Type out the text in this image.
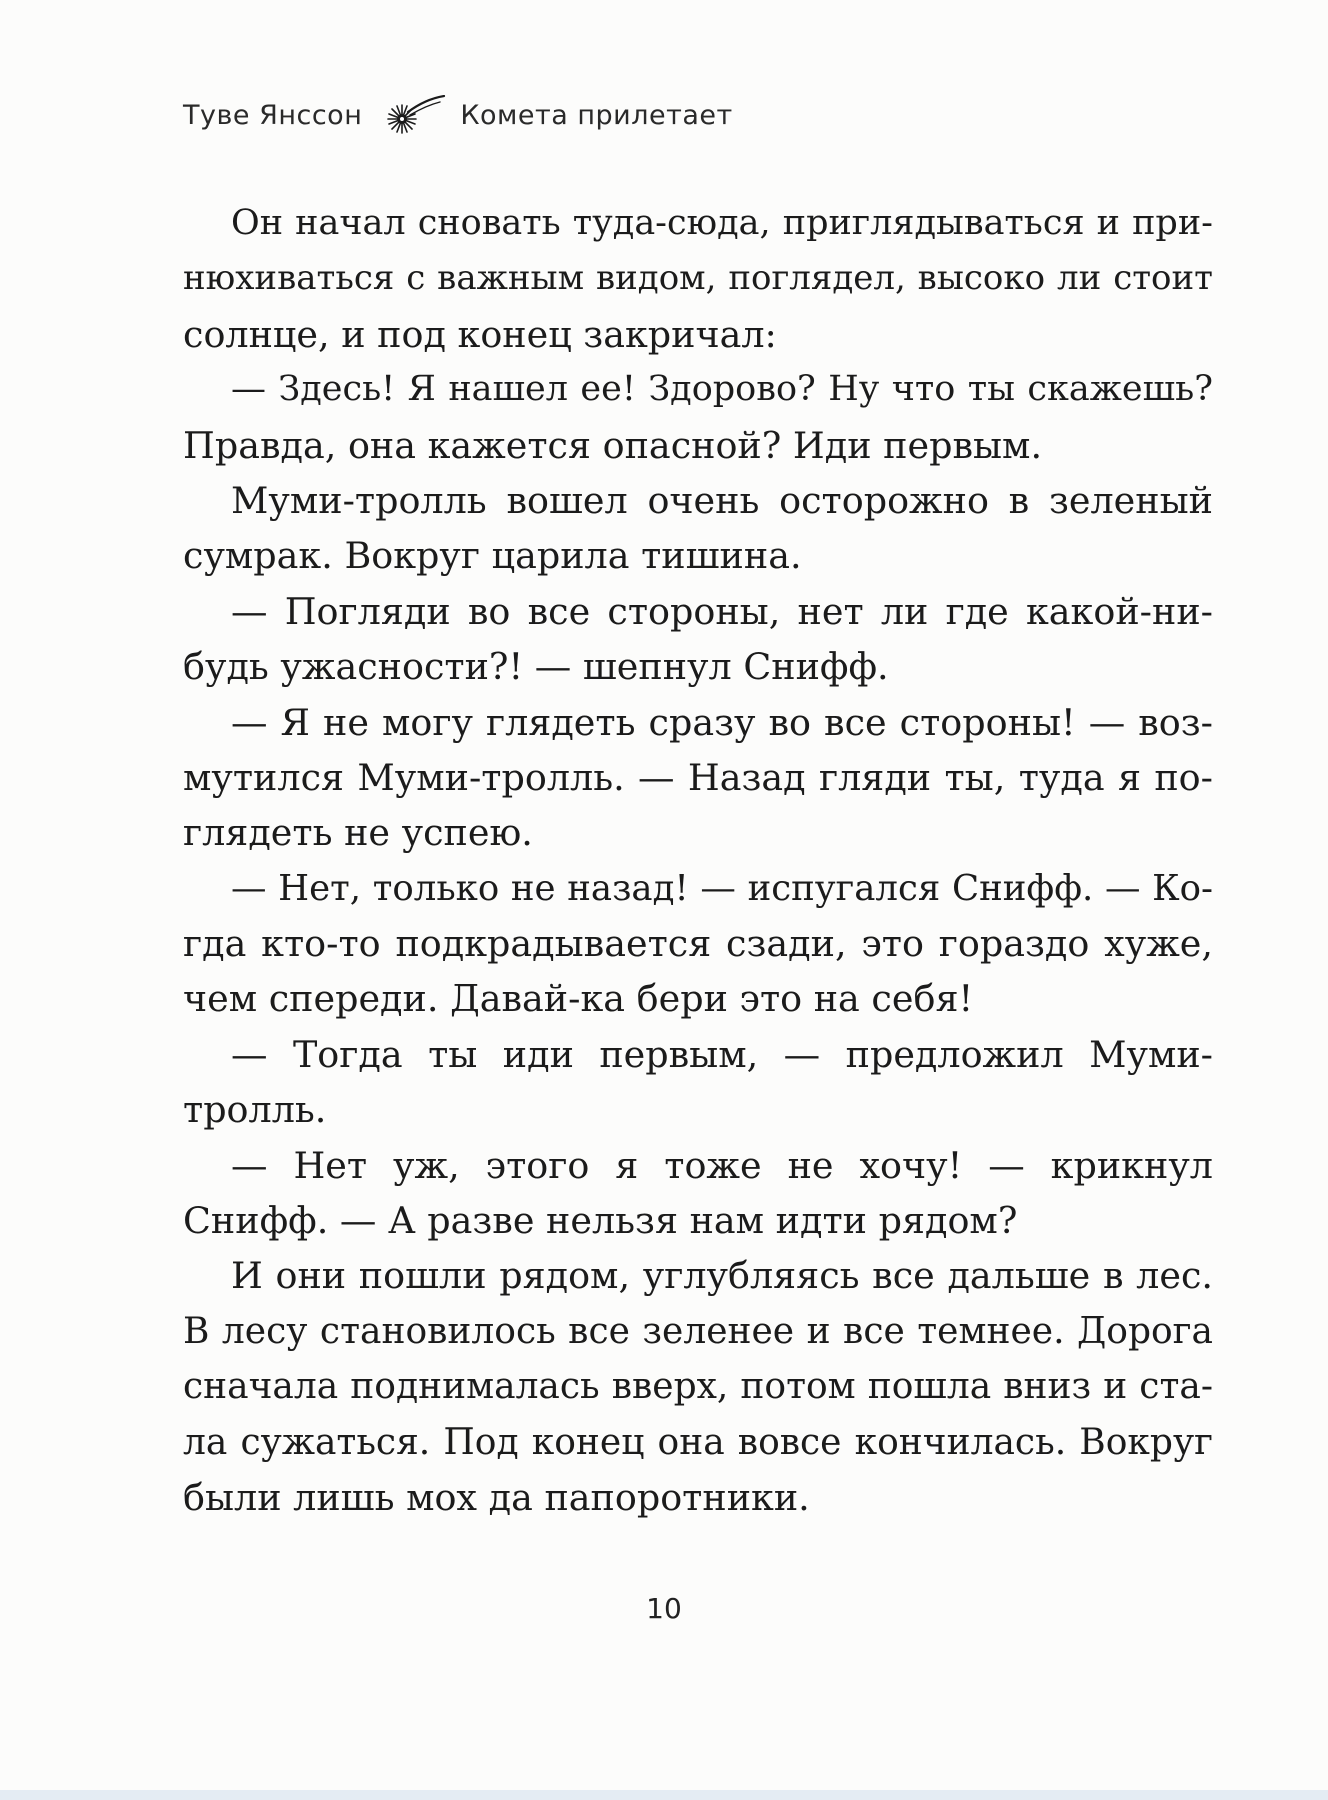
Туве Янссон	Комета прилетает
Он начал сновать туда-сюда, приглядываться и при-
нюхиваться с важным видом, поглядел, высоко ли стоит
солнце, и под конец закричал:
— Здесь! Я нашел ее! Здорово? Ну что ты скажешь?
Правда, она кажется опасной? Иди первым.
Муми-тролль вошел очень осторожно в зеленый
сумрак. Вокруг царила тишина.
— Погляди во все стороны, нет ли где какой-ни-
будь ужасности?! — шепнул Снифф.
— Я не могу глядеть сразу во все стороны! — воз-
мутился Муми-тролль. — Назад гляди ты, туда я по-
глядеть не успею.
— Нет, только не назад! — испугался Снифф. — Ко-
гда кто-то подкрадывается сзади, это гораздо хуже,
чем спереди. Давай-ка бери это на себя!
— Тогда ты иди первым, — предложил Муми-
тролль.
— Нет уж, этого я тоже не хочу! — крикнул
Снифф. — А разве нельзя нам идти рядом?
И они пошли рядом, углубляясь все дальше в лес.
В лесу становилось все зеленее и все темнее. Дорога
сначала поднималась вверх, потом пошла вниз и ста-
ла сужаться. Под конец она вовсе кончилась. Вокруг
были лишь мох да папоротники.
10
